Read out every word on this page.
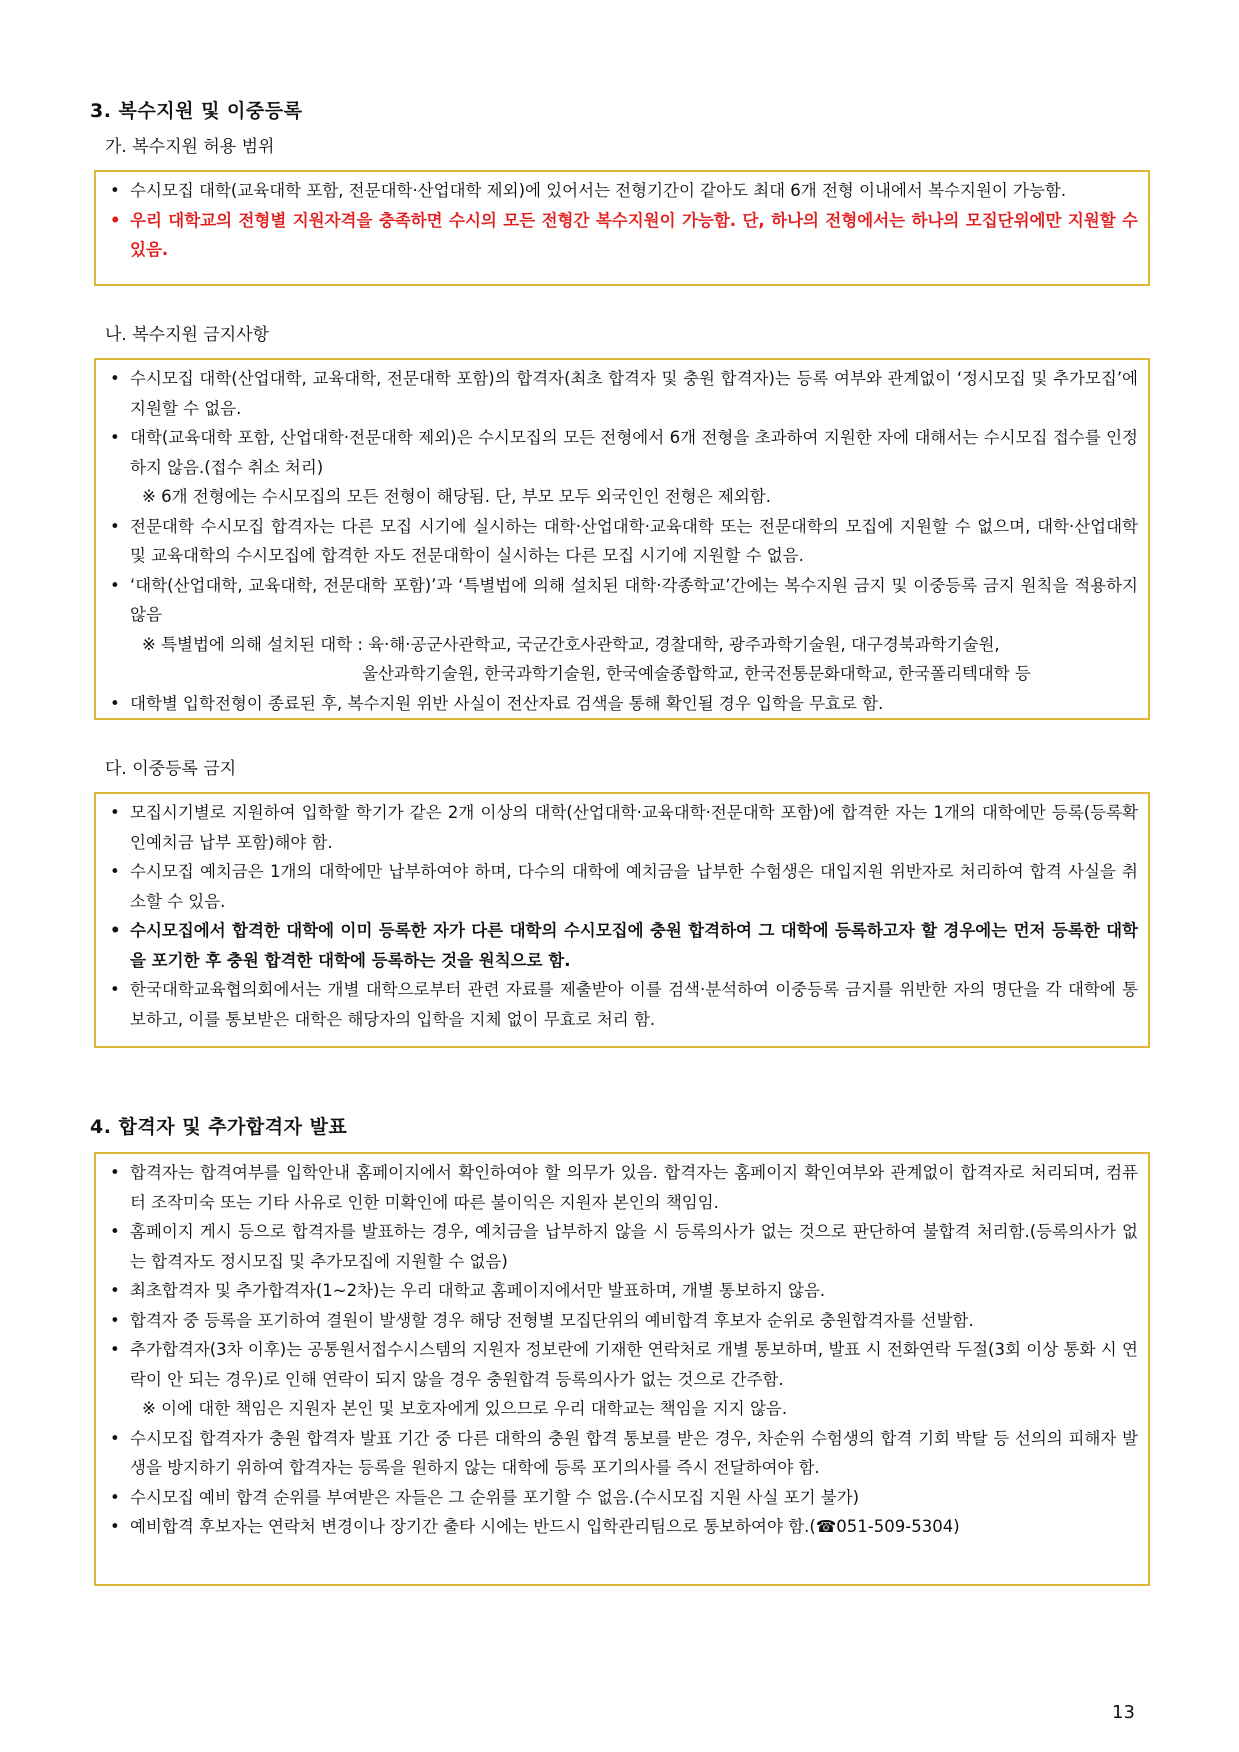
3. 복수지원 및 이중등록
가. 복수지원 허용 범위
• 수시모집 대학(교육대학 포함, 전문대학·산업대학 제외)에 있어서는 전형기간이 같아도 최대 6개 전형 이내에서 복수지원이 가능함.
• 우리 대학교의 전형별 지원자격을 충족하면 수시의 모든 전형간 복수지원이 가능함. 단, 하나의 전형에서는 하나의 모집단위에만 지원할 수 있음.
나. 복수지원 금지사항
• 수시모집 대학(산업대학, 교육대학, 전문대학 포함)의 합격자(최초 합격자 및 충원 합격자)는 등록 여부와 관계없이 ‘정시모집 및 추가모집’에 지원할 수 없음.
• 대학(교육대학 포함, 산업대학·전문대학 제외)은 수시모집의 모든 전형에서 6개 전형을 초과하여 지원한 자에 대해서는 수시모집 접수를 인정하지 않음.(접수 취소 처리)
※ 6개 전형에는 수시모집의 모든 전형이 해당됨. 단, 부모 모두 외국인인 전형은 제외함.
• 전문대학 수시모집 합격자는 다른 모집 시기에 실시하는 대학·산업대학·교육대학 또는 전문대학의 모집에 지원할 수 없으며, 대학·산업대학 및 교육대학의 수시모집에 합격한 자도 전문대학이 실시하는 다른 모집 시기에 지원할 수 없음.
• ‘대학(산업대학, 교육대학, 전문대학 포함)’과 ‘특별법에 의해 설치된 대학·각종학교’간에는 복수지원 금지 및 이중등록 금지 원칙을 적용하지 않음
※ 특별법에 의해 설치된 대학 : 육·해·공군사관학교, 국군간호사관학교, 경찰대학, 광주과학기술원, 대구경북과학기술원,
울산과학기술원, 한국과학기술원, 한국예술종합학교, 한국전통문화대학교, 한국폴리텍대학 등
• 대학별 입학전형이 종료된 후, 복수지원 위반 사실이 전산자료 검색을 통해 확인될 경우 입학을 무효로 함.
다. 이중등록 금지
• 모집시기별로 지원하여 입학할 학기가 같은 2개 이상의 대학(산업대학·교육대학·전문대학 포함)에 합격한 자는 1개의 대학에만 등록(등록확인예치금 납부 포함)해야 함.
• 수시모집 예치금은 1개의 대학에만 납부하여야 하며, 다수의 대학에 예치금을 납부한 수험생은 대입지원 위반자로 처리하여 합격 사실을 취소할 수 있음.
• 수시모집에서 합격한 대학에 이미 등록한 자가 다른 대학의 수시모집에 충원 합격하여 그 대학에 등록하고자 할 경우에는 먼저 등록한 대학을 포기한 후 충원 합격한 대학에 등록하는 것을 원칙으로 함.
• 한국대학교육협의회에서는 개별 대학으로부터 관련 자료를 제출받아 이를 검색·분석하여 이중등록 금지를 위반한 자의 명단을 각 대학에 통보하고, 이를 통보받은 대학은 해당자의 입학을 지체 없이 무효로 처리 함.
4. 합격자 및 추가합격자 발표
• 합격자는 합격여부를 입학안내 홈페이지에서 확인하여야 할 의무가 있음. 합격자는 홈페이지 확인여부와 관계없이 합격자로 처리되며, 컴퓨터 조작미숙 또는 기타 사유로 인한 미확인에 따른 불이익은 지원자 본인의 책임임.
• 홈페이지 게시 등으로 합격자를 발표하는 경우, 예치금을 납부하지 않을 시 등록의사가 없는 것으로 판단하여 불합격 처리함.(등록의사가 없는 합격자도 정시모집 및 추가모집에 지원할 수 없음)
• 최초합격자 및 추가합격자(1~2차)는 우리 대학교 홈페이지에서만 발표하며, 개별 통보하지 않음.
• 합격자 중 등록을 포기하여 결원이 발생할 경우 해당 전형별 모집단위의 예비합격 후보자 순위로 충원합격자를 선발함.
• 추가합격자(3차 이후)는 공통원서접수시스템의 지원자 정보란에 기재한 연락처로 개별 통보하며, 발표 시 전화연락 두절(3회 이상 통화 시 연락이 안 되는 경우)로 인해 연락이 되지 않을 경우 충원합격 등록의사가 없는 것으로 간주함.
※ 이에 대한 책임은 지원자 본인 및 보호자에게 있으므로 우리 대학교는 책임을 지지 않음.
• 수시모집 합격자가 충원 합격자 발표 기간 중 다른 대학의 충원 합격 통보를 받은 경우, 차순위 수험생의 합격 기회 박탈 등 선의의 피해자 발생을 방지하기 위하여 합격자는 등록을 원하지 않는 대학에 등록 포기의사를 즉시 전달하여야 함.
• 수시모집 예비 합격 순위를 부여받은 자들은 그 순위를 포기할 수 없음.(수시모집 지원 사실 포기 불가)
• 예비합격 후보자는 연락처 변경이나 장기간 출타 시에는 반드시 입학관리팀으로 통보하여야 함.(☎051-509-5304)

13
